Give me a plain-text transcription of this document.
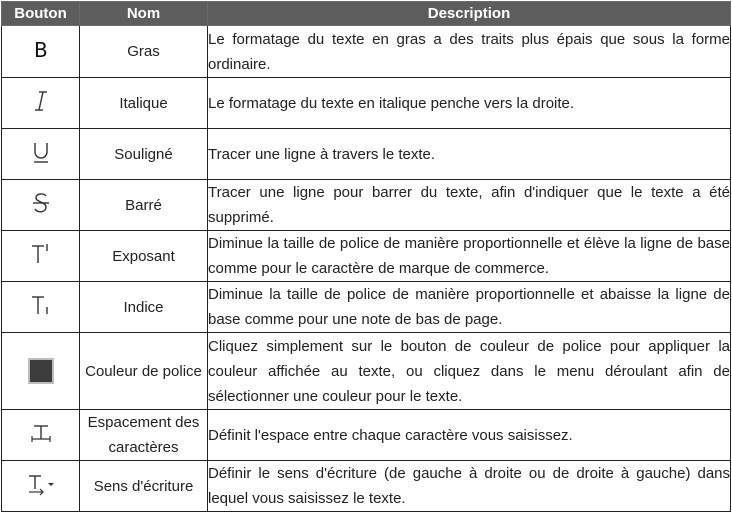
Bouton	Nom	Description

B	Gras	Le formatage du texte en gras a des traits plus épais que sous la forme ordinaire.
	Italique	Le formatage du texte en italique penche vers la droite.
	Souligné	Tracer une ligne à travers le texte.
	Barré	Tracer une ligne pour barrer du texte, afin d'indiquer que le texte a été supprimé.
	Exposant	Diminue la taille de police de manière proportionnelle et élève la ligne de base comme pour le caractère de marque de commerce.
	Indice	Diminue la taille de police de manière proportionnelle et abaisse la ligne de base comme pour une note de bas de page.
	Couleur de police	Cliquez simplement sur le bouton de couleur de police pour appliquer la couleur affichée au texte, ou cliquez dans le menu déroulant afin de sélectionner une couleur pour le texte.
	Espacement des caractères	Définit l'espace entre chaque caractère vous saisissez.
	Sens d'écriture	Définir le sens d'écriture (de gauche à droite ou de droite à gauche) dans lequel vous saisissez le texte.
